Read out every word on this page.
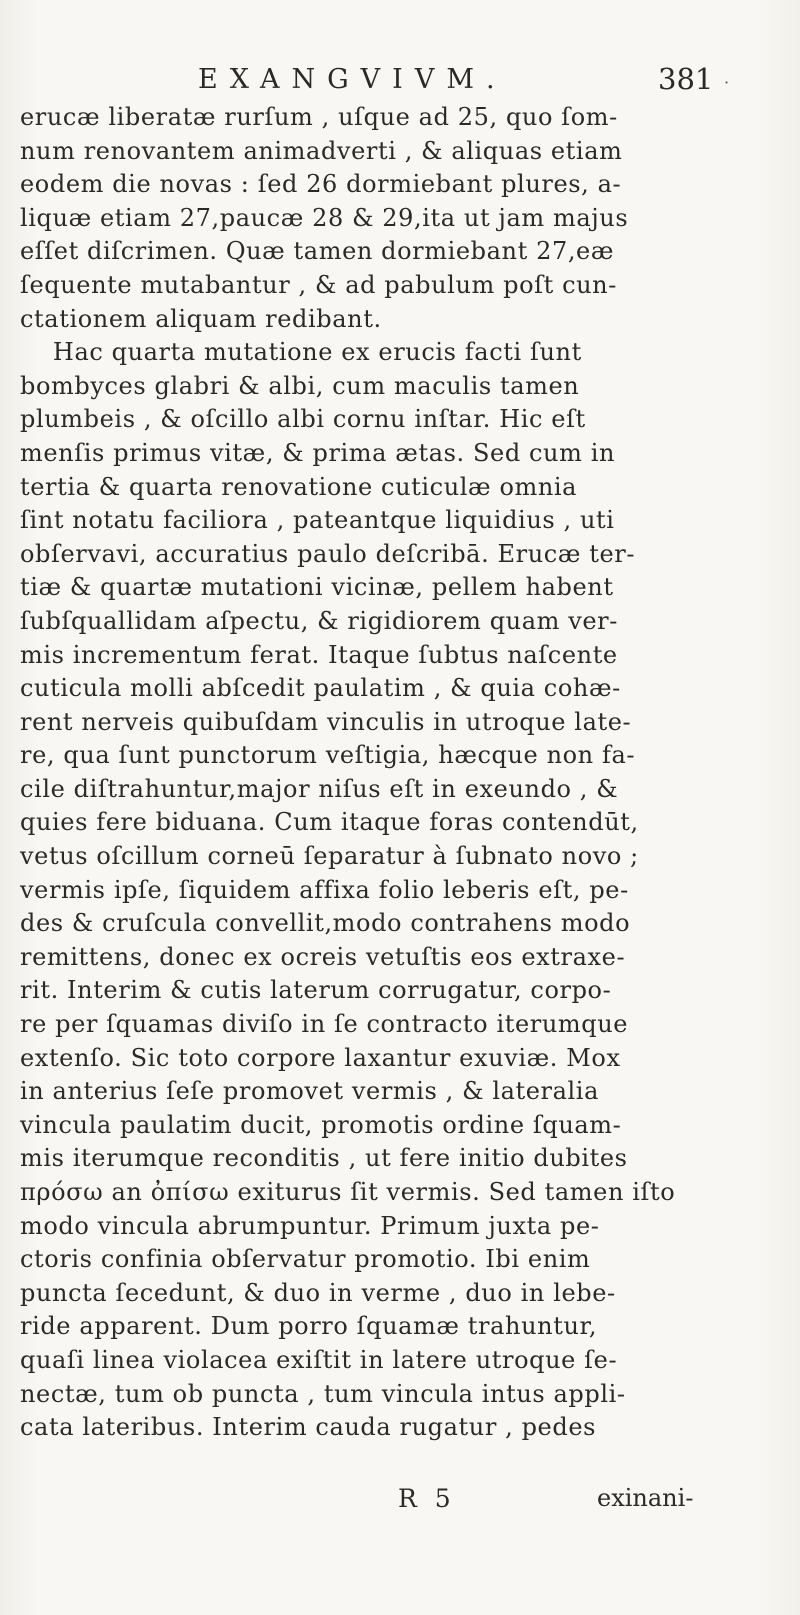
EXANGVIVM.	381 ·
erucæ liberatæ rurſum , uſque ad 25, quo ſom-
num renovantem animadverti , & aliquas etiam
eodem die novas : ſed 26 dormiebant plures, a-
liquæ etiam 27,paucæ 28 & 29,ita ut jam majus
eſſet diſcrimen. Quæ tamen dormiebant 27,eæ
ſequente mutabantur , & ad pabulum poſt cun-
ctationem aliquam redibant.
Hac quarta mutatione ex erucis facti ſunt
bombyces glabri & albi, cum maculis tamen
plumbeis , & oſcillo albi cornu inſtar. Hic eſt
menſis primus vitæ, & prima ætas. Sed cum in
tertia & quarta renovatione cuticulæ omnia
ſint notatu faciliora , pateantque liquidius , uti
obſervavi, accuratius paulo deſcribā. Erucæ ter-
tiæ & quartæ mutationi vicinæ, pellem habent
ſubſquallidam aſpectu, & rigidiorem quam ver-
mis incrementum ferat. Itaque ſubtus naſcente
cuticula molli abſcedit paulatim , & quia cohæ-
rent nerveis quibuſdam vinculis in utroque late-
re, qua ſunt punctorum veſtigia, hæcque non fa-
cile diſtrahuntur,major niſus eſt in exeundo , &
quies fere biduana. Cum itaque foras contendūt,
vetus oſcillum corneū ſeparatur à ſubnato novo ;
vermis ipſe, ſiquidem affixa folio leberis eſt, pe-
des & cruſcula convellit,modo contrahens modo
remittens, donec ex ocreis vetuſtis eos extraxe-
rit. Interim & cutis laterum corrugatur, corpo-
re per ſquamas diviſo in ſe contracto iterumque
extenſo. Sic toto corpore laxantur exuviæ. Mox
in anterius ſeſe promovet vermis , & lateralia
vincula paulatim ducit, promotis ordine ſquam-
mis iterumque reconditis , ut fere initio dubites
πρόσω an ὀπίσω exiturus ſit vermis. Sed tamen iſto
modo vincula abrumpuntur. Primum juxta pe-
ctoris confinia obſervatur promotio. Ibi enim
puncta ſecedunt, & duo in verme , duo in lebe-
ride apparent. Dum porro ſquamæ trahuntur,
quaſi linea violacea exiſtit in latere utroque ſe-
nectæ, tum ob puncta , tum vincula intus appli-
cata lateribus. Interim cauda rugatur , pedes
R 5	exinani-
